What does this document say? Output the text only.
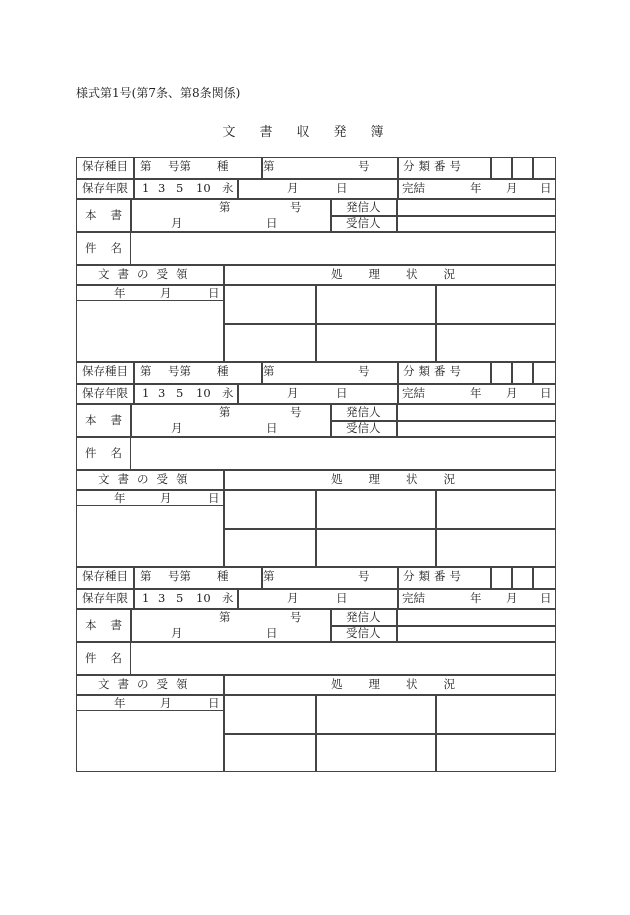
様式第1号(第7条、第8条関係)
文書収発簿
保存種目 第 号第 種	第	号	分類番号
保存年限 1 3 5 10 永	月	日	完結	年 月 日
本書
第	号
月	日
発信人
受信人
件名
文書の受領	処理状況
年	月	日
保存種目 第 号第 種	第	号	分類番号
保存年限 1 3 5 10 永	月	日	完結	年 月 日
本書
第	号
月	日
発信人
受信人
件名
文書の受領	処理状況
年	月	日
保存種目 第 号第 種	第	号	分類番号
保存年限 1 3 5 10 永	月	日	完結	年 月 日
本書
第	号
月	日
発信人
受信人
件名
文書の受領	処理状況
年	月	日
